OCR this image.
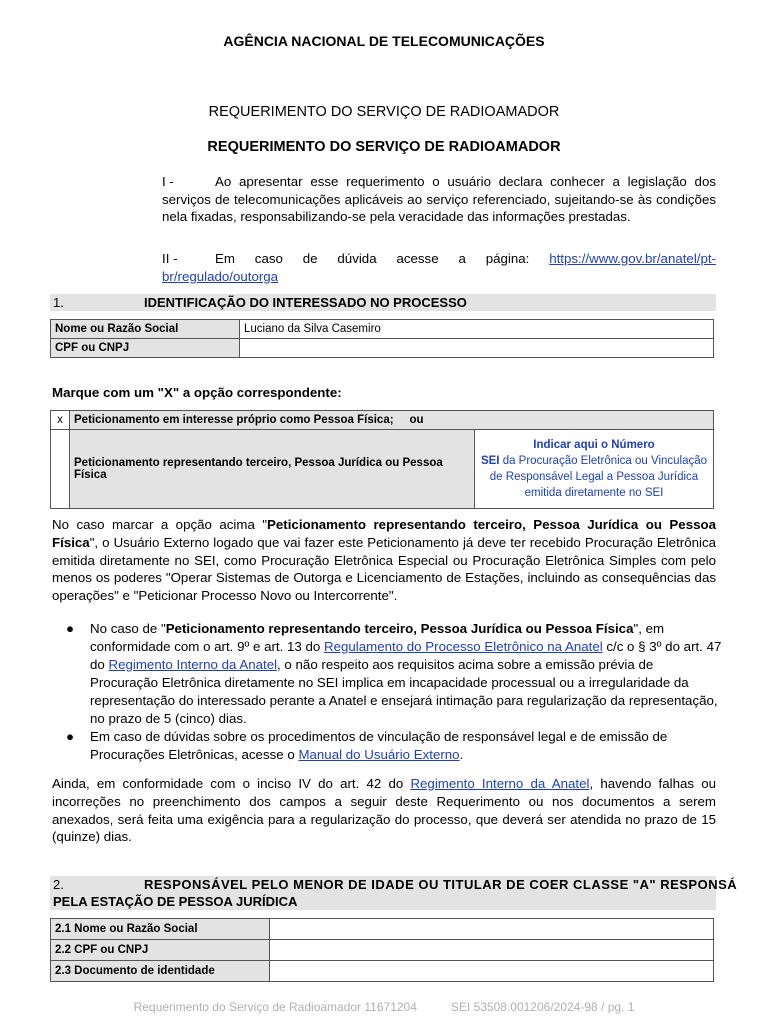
AGÊNCIA NACIONAL DE TELECOMUNICAÇÕES
REQUERIMENTO DO SERVIÇO DE RADIOAMADOR
REQUERIMENTO DO SERVIÇO DE RADIOAMADOR
I -	Ao apresentar esse requerimento o usuário declara conhecer a legislação dos serviços de telecomunicações aplicáveis ao serviço referenciado, sujeitando-se às condições nela fixadas, responsabilizando-se pela veracidade das informações prestadas.
II -	Em caso de dúvida acesse a página: https://www.gov.br/anatel/pt-br/regulado/outorga
1.	IDENTIFICAÇÃO DO INTERESSADO NO PROCESSO
Nome ou Razão Social	Luciano da Silva Casemiro
CPF ou CNPJ	
Marque com um "X" a opção correspondente:
x	Peticionamento em interesse próprio como Pessoa Física; ou	
	Peticionamento representando terceiro, Pessoa Jurídica ou Pessoa Física	Indicar aqui o Número
SEI da Procuração Eletrônica ou Vinculação de Responsável Legal a Pessoa Jurídica emitida diretamente no SEI
No caso marcar a opção acima "Peticionamento representando terceiro, Pessoa Jurídica ou Pessoa Física", o Usuário Externo logado que vai fazer este Peticionamento já deve ter recebido Procuração Eletrônica emitida diretamente no SEI, como Procuração Eletrônica Especial ou Procuração Eletrônica Simples com pelo menos os poderes "Operar Sistemas de Outorga e Licenciamento de Estações, incluindo as consequências das operações" e "Peticionar Processo Novo ou Intercorrente".
● No caso de "Peticionamento representando terceiro, Pessoa Jurídica ou Pessoa Física", em conformidade com o art. 9º e art. 13 do Regulamento do Processo Eletrônico na Anatel c/c o § 3º do art. 47 do Regimento Interno da Anatel, o não respeito aos requisitos acima sobre a emissão prévia de Procuração Eletrônica diretamente no SEI implica em incapacidade processual ou a irregularidade da representação do interessado perante a Anatel e ensejará intimação para regularização da representação, no prazo de 5 (cinco) dias.
● Em caso de dúvidas sobre os procedimentos de vinculação de responsável legal e de emissão de Procurações Eletrônicas, acesse o Manual do Usuário Externo.
Ainda, em conformidade com o inciso IV do art. 42 do Regimento Interno da Anatel, havendo falhas ou incorreções no preenchimento dos campos a seguir deste Requerimento ou nos documentos a serem anexados, será feita uma exigência para a regularização do processo, que deverá ser atendida no prazo de 15 (quinze) dias.
2.	RESPONSÁVEL PELO MENOR DE IDADE OU TITULAR DE COER CLASSE "A" RESPONSÁ
PELA ESTAÇÃO DE PESSOA JURÍDICA
2.1 Nome ou Razão Social	
2.2 CPF ou CNPJ	
2.3 Documento de identidade	
Requerimento do Serviço de Radioamador 11671204	SEI 53508.001206/2024-98 / pg. 1
